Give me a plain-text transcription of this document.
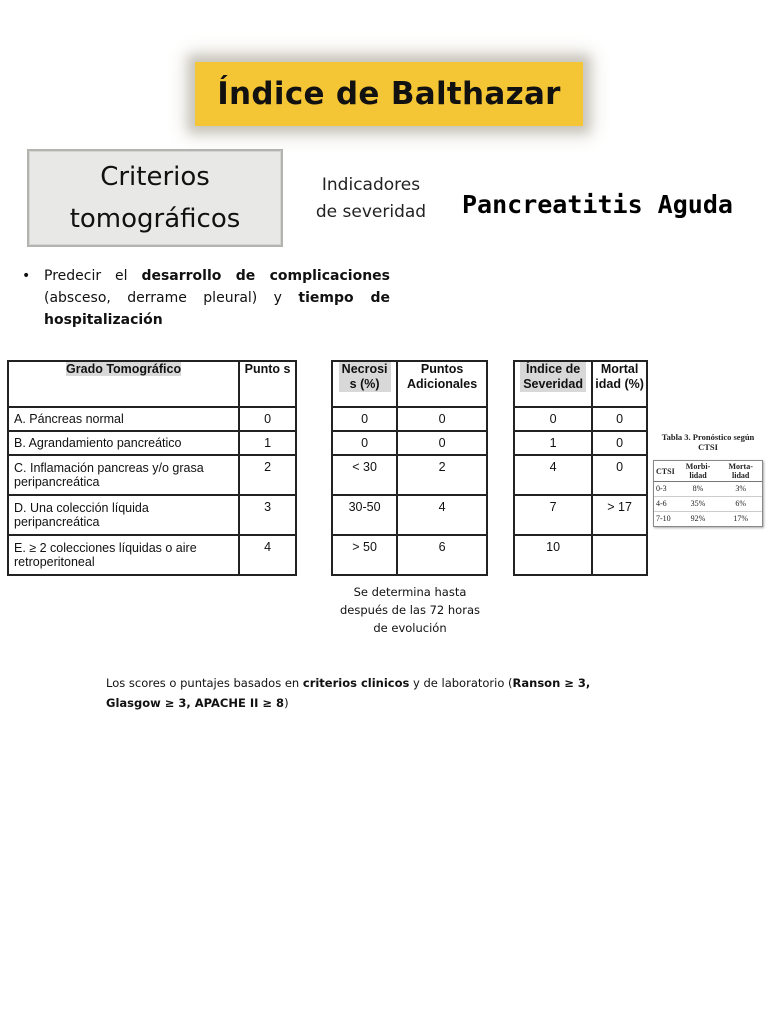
Índice de Balthazar
Criterios
tomográficos
Indicadores
de severidad	Pancreatitis Aguda
• Predecir el desarrollo de complicaciones (absceso, derrame pleural) y tiempo de hospitalización
Grado Tomográfico	Punto s
A. Páncreas normal	0
B. Agrandamiento pancreático	1
C. Inflamación pancreas y/o grasa peripancreática	2
D. Una colección líquida peripancreática	3
E. ≥ 2 colecciones líquidas o aire retroperitoneal	4
Necrosi s (%)	Puntos Adicionales
0	0
0	0
< 30	2
30-50	4
> 50	6
Índice de Severidad	Mortal idad (%)
0	0
1	0
4	0
7	> 17
10	
Se determina hasta después de las 72 horas de evolución
Tabla 3. Pronóstico según CTSI
CTSI	Morbi- lidad	Morta- lidad
0-3	8%	3%
4-6	35%	6%
7-10	92%	17%
Los scores o puntajes basados en criterios clinicos y de laboratorio (Ranson ≥ 3, Glasgow ≥ 3, APACHE II ≥ 8)
